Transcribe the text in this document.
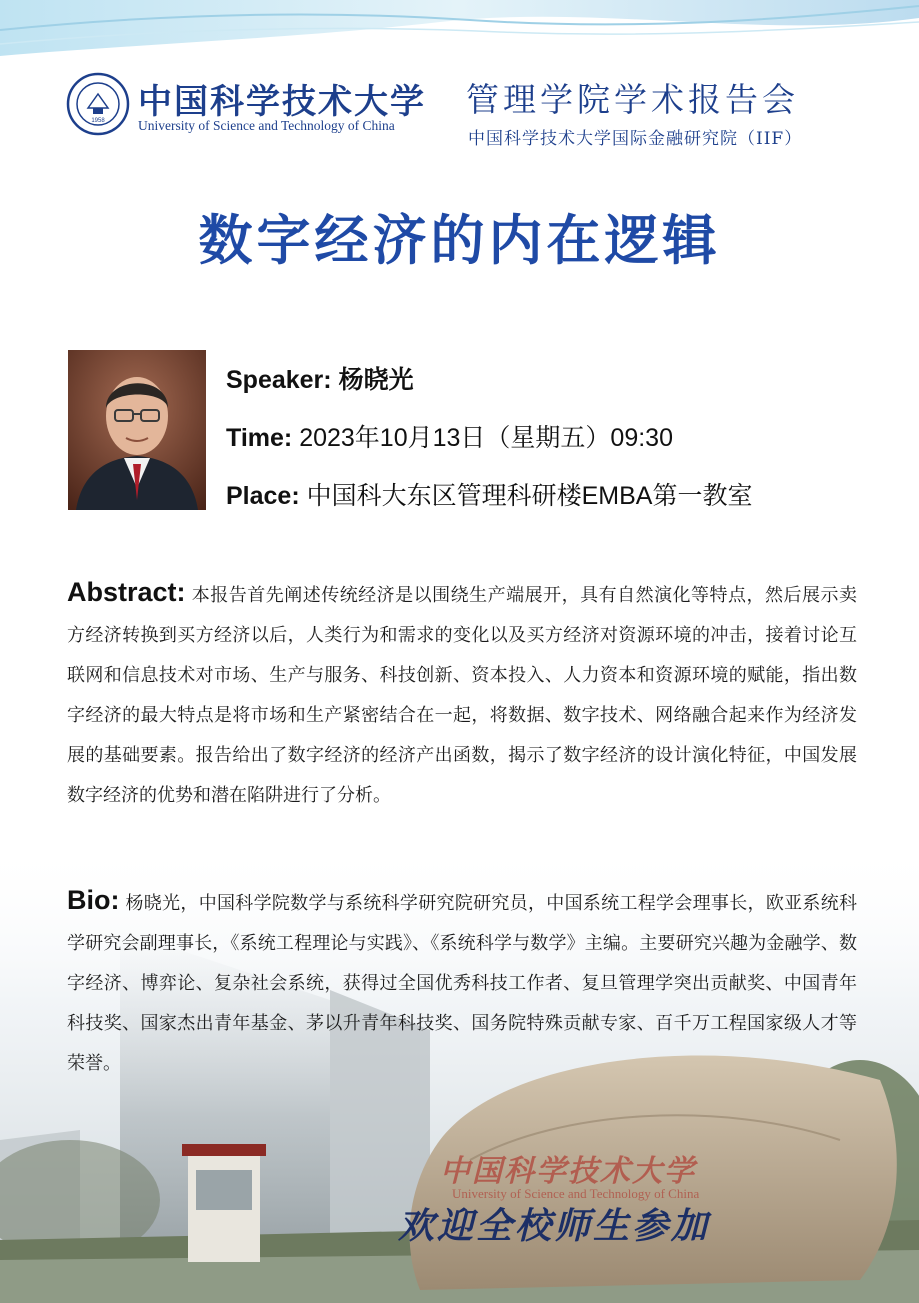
1958 中国科学技术大学
University of Science and Technology of China
管理学院学术报告会
中国科学技术大学国际金融研究院（IIF）
数字经济的内在逻辑
Speaker: 杨晓光
Time: 2023年10月13日（星期五）09:30
Place: 中国科大东区管理科研楼EMBA第一教室
中国科学技术大学
University of Science and Technology of China
Abstract: 本报告首先阐述传统经济是以围绕生产端展开，具有自然演化等特点，然后展示卖方经济转换到买方经济以后，人类行为和需求的变化以及买方经济对资源环境的冲击，接着讨论互联网和信息技术对市场、生产与服务、科技创新、资本投入、人力资本和资源环境的赋能，指出数字经济的最大特点是将市场和生产紧密结合在一起，将数据、数字技术、网络融合起来作为经济发展的基础要素。报告给出了数字经济的经济产出函数，揭示了数字经济的设计演化特征，中国发展数字经济的优势和潜在陷阱进行了分析。
Bio: 杨晓光，中国科学院数学与系统科学研究院研究员，中国系统工程学会理事长，欧亚系统科学研究会副理事长，《系统工程理论与实践》、《系统科学与数学》主编。主要研究兴趣为金融学、数字经济、博弈论、复杂社会系统，获得过全国优秀科技工作者、复旦管理学突出贡献奖、中国青年科技奖、国家杰出青年基金、茅以升青年科技奖、国务院特殊贡献专家、百千万工程国家级人才等荣誉。
欢迎全校师生参加
